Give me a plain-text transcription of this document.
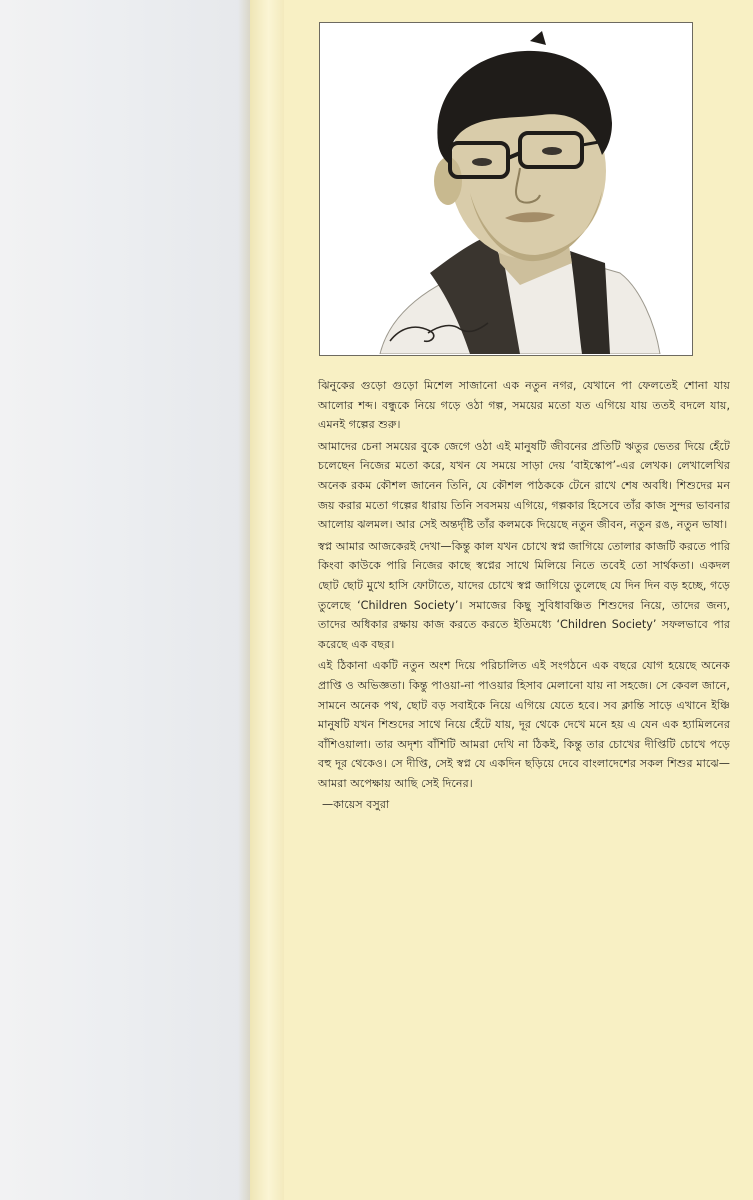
ঝিনুকের গুড়ো গুড়ো মিশেল সাজানো এক নতুন নগর, যেখানে পা ফেলতেই শোনা যায় আলোর শব্দ। বন্ধুকে নিয়ে গড়ে ওঠা গল্প, সময়ের মতো যত এগিয়ে যায় ততই বদলে যায়, এমনই গল্পের শুরু।

আমাদের চেনা সময়ের বুকে জেগে ওঠা এই মানুষটি জীবনের প্রতিটি ঋতুর ভেতর দিয়ে হেঁটে চলেছেন নিজের মতো করে, যখন যে সময়ে সাড়া দেয় ‘বাইস্কোপ’-এর লেখক। লেখালেখির অনেক রকম কৌশল জানেন তিনি, যে কৌশল পাঠককে টেনে রাখে শেষ অবধি। শিশুদের মন জয় করার মতো গল্পের ধারায় তিনি সবসময় এগিয়ে, গল্পকার হিসেবে তাঁর কাজ সুন্দর ভাবনার আলোয় ঝলমল। আর সেই অন্তর্দৃষ্টি তাঁর কলমকে দিয়েছে নতুন জীবন, নতুন রঙ, নতুন ভাষা।

স্বপ্ন আমার আজকেরই দেখা—কিন্তু কাল যখন চোখে স্বপ্ন জাগিয়ে তোলার কাজটি করতে পারি কিংবা কাউকে পারি নিজের কাছে স্বপ্নের সাথে মিলিয়ে নিতে তবেই তো সার্থকতা। একদল ছোট ছোট মুখে হাসি ফোটাতে, যাদের চোখে স্বপ্ন জাগিয়ে তুলেছে যে দিন দিন বড় হচ্ছে, গড়ে তুলেছে ‘Children Society’। সমাজের কিছু সুবিধাবঞ্চিত শিশুদের নিয়ে, তাদের জন্য, তাদের অধিকার রক্ষায় কাজ করতে করতে ইতিমধ্যে ‘Children Society’ সফলভাবে পার করেছে এক বছর।

এই ঠিকানা একটি নতুন অংশ দিয়ে পরিচালিত এই সংগঠনে এক বছরে যোগ হয়েছে অনেক প্রাপ্তি ও অভিজ্ঞতা। কিন্তু পাওয়া-না পাওয়ার হিসাব মেলানো যায় না সহজে। সে কেবল জানে, সামনে অনেক পথ, ছোট বড় সবাইকে নিয়ে এগিয়ে যেতে হবে। সব ক্লান্তি সাড়ে এখানে ইঞ্চি মানুষটি যখন শিশুদের সাথে নিয়ে হেঁটে যায়, দূর থেকে দেখে মনে হয় এ যেন এক হ্যামিলনের বাঁশিওয়ালা। তার অদৃশ্য বাঁশিটি আমরা দেখি না ঠিকই, কিন্তু তার চোখের দীপ্তিটি চোখে পড়ে বহু দূর থেকেও। সে দীপ্তি, সেই স্বপ্ন যে একদিন ছড়িয়ে দেবে বাংলাদেশের সকল শিশুর মাঝে—আমরা অপেক্ষায় আছি সেই দিনের।

—কায়েস বসুরা
